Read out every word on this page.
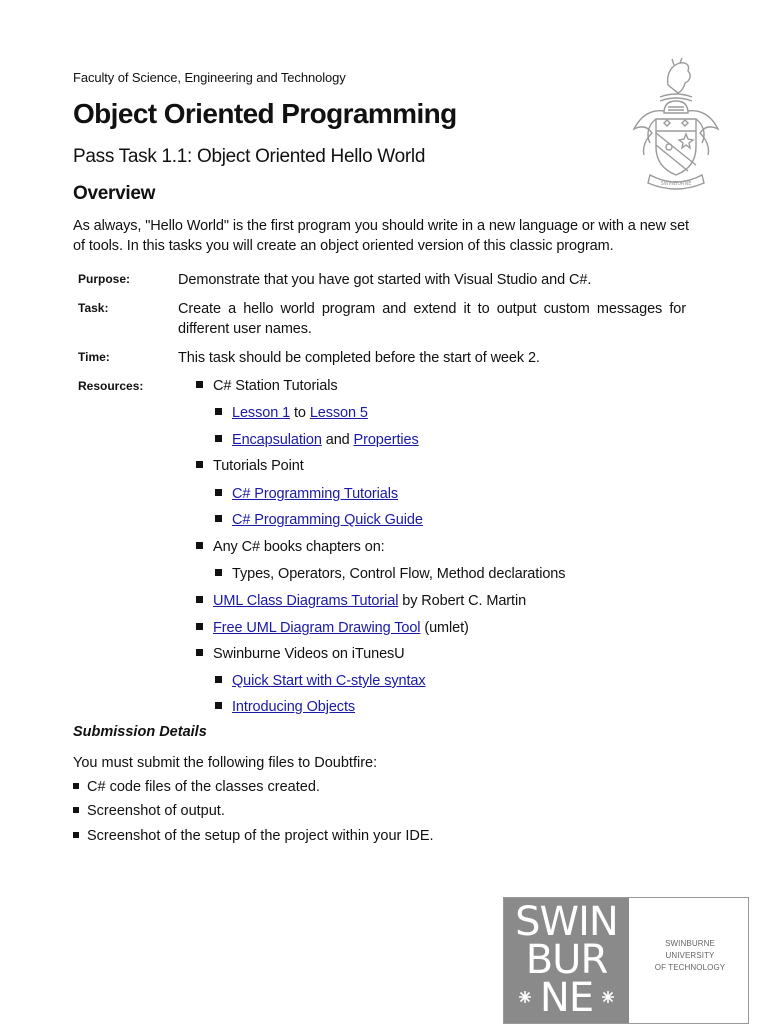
Faculty of Science, Engineering and Technology
Object Oriented Programming
Pass Task 1.1: Object Oriented Hello World
SWINBURNE
Overview
As always, "Hello World" is the first program you should write in a new language or with a new set of tools. In this tasks you will create an object oriented version of this classic program.
Purpose:	Demonstrate that you have got started with Visual Studio and C#.
Task:	Create a hello world program and extend it to output custom messages for different user names.
Time:	This task should be completed before the start of week 2.
Resources:	C# Station Tutorials
Lesson 1 to Lesson 5
Encapsulation and Properties
Tutorials Point
C# Programming Tutorials
C# Programming Quick Guide
Any C# books chapters on:
Types, Operators, Control Flow, Method declarations
UML Class Diagrams Tutorial by Robert C. Martin
Free UML Diagram Drawing Tool (umlet)
Swinburne Videos on iTunesU
Quick Start with C-style syntax
Introducing Objects
Submission Details
You must submit the following files to Doubtfire:
C# code files of the classes created.
Screenshot of output.
Screenshot of the setup of the project within your IDE.
SWIN
BUR
NE
SWINBURNE UNIVERSITY
OF TECHNOLOGY
